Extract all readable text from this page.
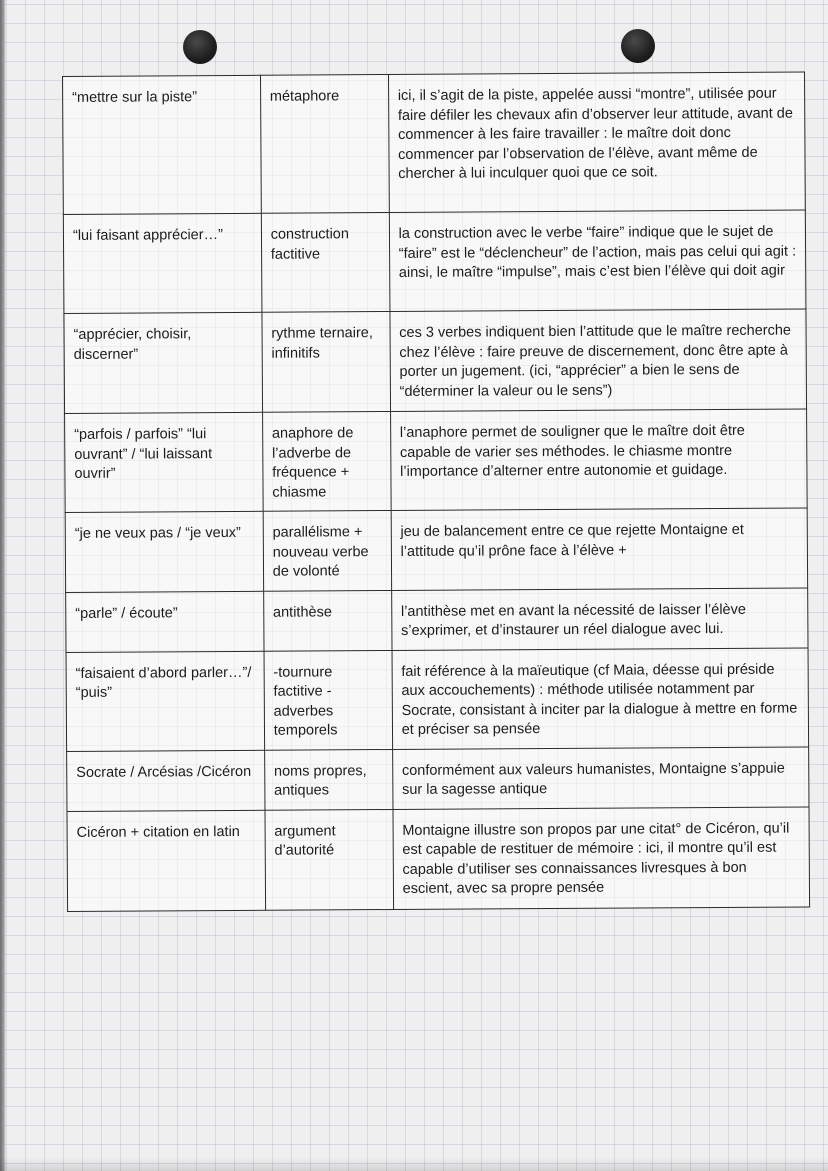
“mettre sur la piste”	métaphore	ici, il s’agit de la piste, appelée aussi “montre”, utilisée pour faire défiler les chevaux afin d’observer leur attitude, avant de commencer à les faire travailler : le maître doit donc commencer par l’observation de l’élève, avant même de chercher à lui inculquer quoi que ce soit.
“lui faisant apprécier…”	construction factitive	la construction avec le verbe “faire” indique que le sujet de “faire” est le “déclencheur” de l’action, mais pas celui qui agit : ainsi, le maître “impulse”, mais c’est bien l’élève qui doit agir
“apprécier, choisir, discerner”	rythme ternaire, infinitifs	ces 3 verbes indiquent bien l’attitude que le maître recherche chez l’élève : faire preuve de discernement, donc être apte à porter un jugement. (ici, “apprécier” a bien le sens de “déterminer la valeur ou le sens”)
“parfois / parfois” “lui ouvrant” / “lui laissant ouvrir”	anaphore de l’adverbe de fréquence + chiasme	l’anaphore permet de souligner que le maître doit être capable de varier ses méthodes. le chiasme montre l’importance d’alterner entre autonomie et guidage.
“je ne veux pas / “je veux”	parallélisme + nouveau verbe de volonté	jeu de balancement entre ce que rejette Montaigne et l’attitude qu’il prône face à l’élève +
“parle” / écoute”	antithèse	l’antithèse met en avant la nécessité de laisser l’élève s’exprimer, et d’instaurer un réel dialogue avec lui.
“faisaient d’abord parler…”/ “puis”	-tournure factitive - adverbes temporels	fait référence à la maïeutique (cf Maia, déesse qui préside aux accouchements) : méthode utilisée notamment par Socrate, consistant à inciter par la dialogue à mettre en forme et préciser sa pensée
Socrate / Arcésias /Cicéron	noms propres, antiques	conformément aux valeurs humanistes, Montaigne s’appuie sur la sagesse antique
Cicéron + citation en latin	argument d’autorité	Montaigne illustre son propos par une citat° de Cicéron, qu’il est capable de restituer de mémoire : ici, il montre qu’il est capable d’utiliser ses connaissances livresques à bon escient, avec sa propre pensée
